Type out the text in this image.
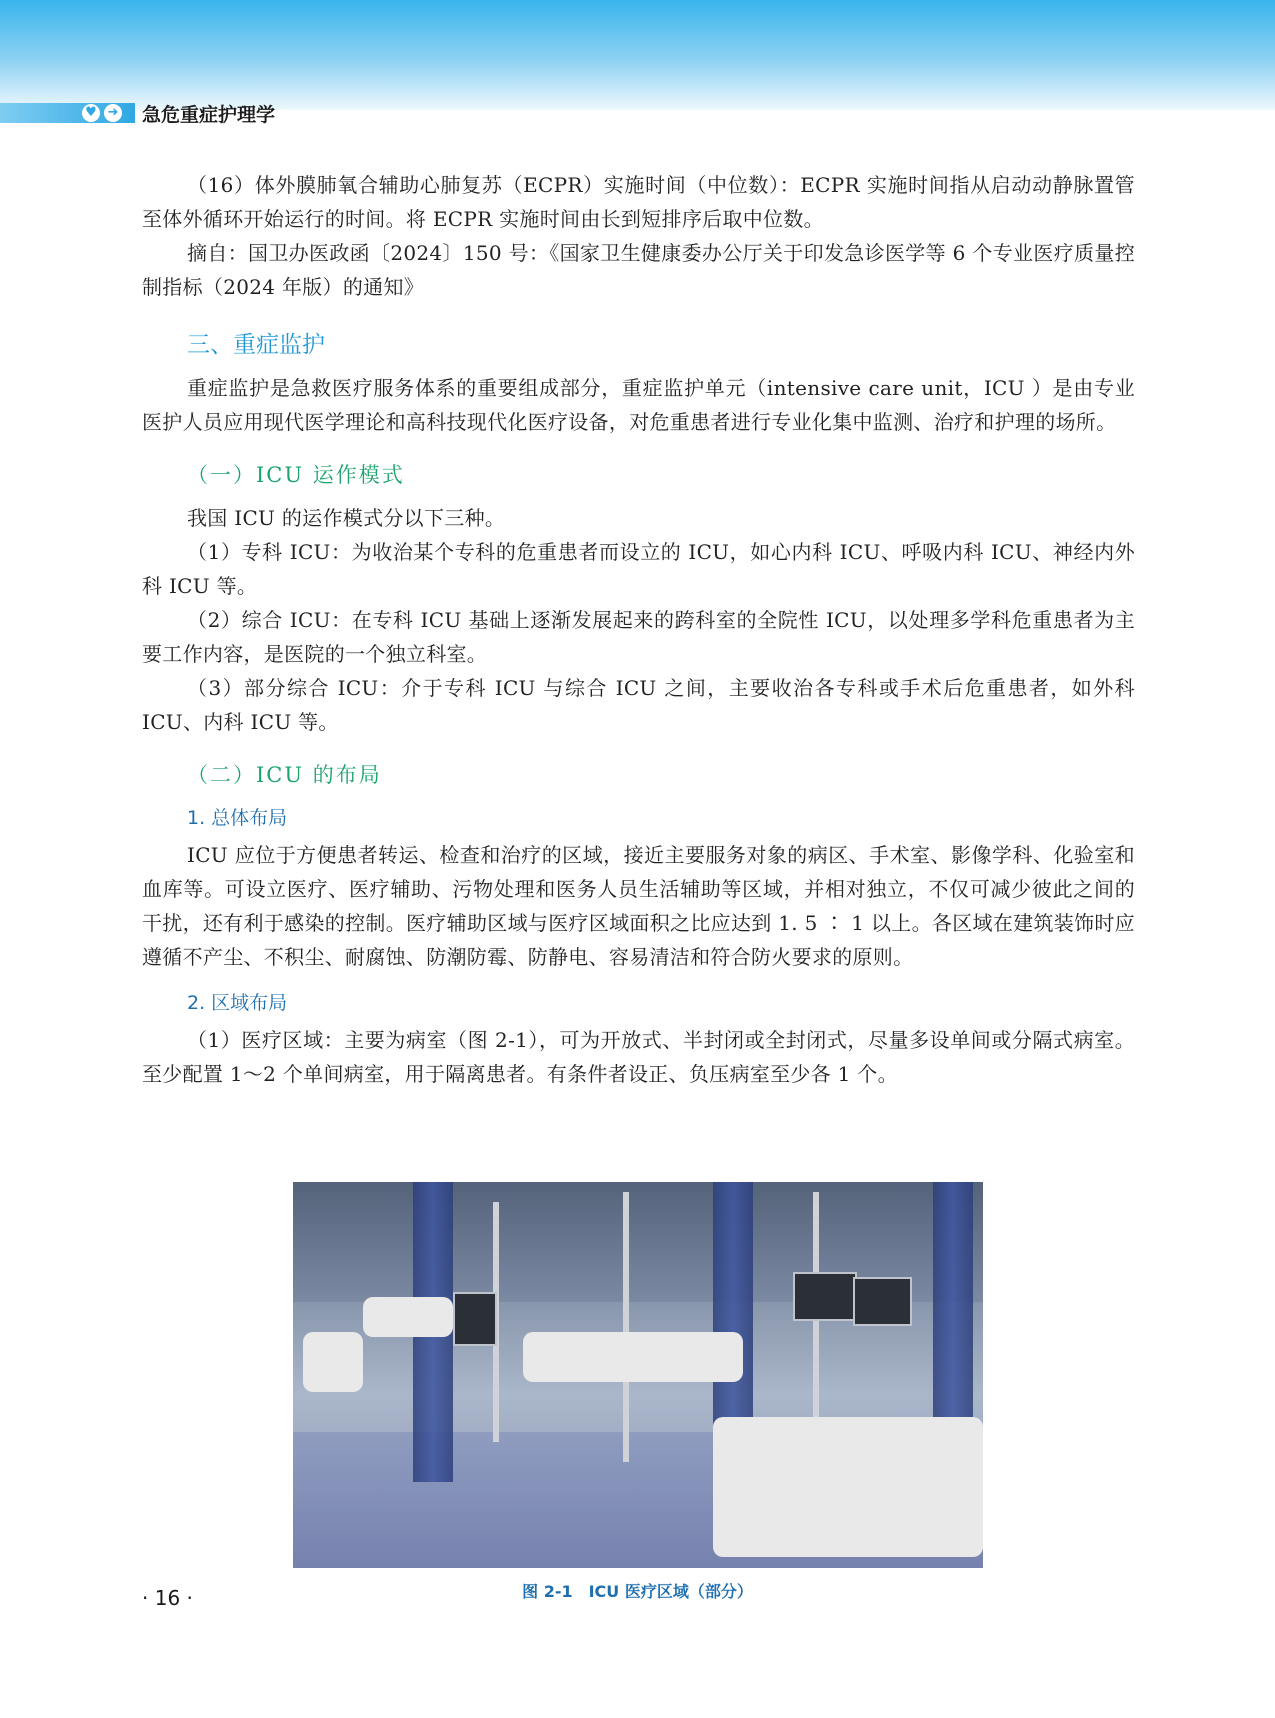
♥ ➜ 急危重症护理学

（16）体外膜肺氧合辅助心肺复苏（ECPR）实施时间（中位数）：ECPR 实施时间指从启动动静脉置管至体外循环开始运行的时间。将 ECPR 实施时间由长到短排序后取中位数。

摘自：国卫办医政函〔2024〕150 号：《国家卫生健康委办公厅关于印发急诊医学等 6 个专业医疗质量控制指标（2024 年版）的通知》

三、重症监护

重症监护是急救医疗服务体系的重要组成部分，重症监护单元（intensive care unit，ICU ）是由专业医护人员应用现代医学理论和高科技现代化医疗设备，对危重患者进行专业化集中监测、治疗和护理的场所。

（一）ICU 运作模式

我国 ICU 的运作模式分以下三种。

（1）专科 ICU：为收治某个专科的危重患者而设立的 ICU，如心内科 ICU、呼吸内科 ICU、神经内外科 ICU 等。

（2）综合 ICU：在专科 ICU 基础上逐渐发展起来的跨科室的全院性 ICU，以处理多学科危重患者为主要工作内容，是医院的一个独立科室。

（3）部分综合 ICU：介于专科 ICU 与综合 ICU 之间，主要收治各专科或手术后危重患者，如外科 ICU、内科 ICU 等。

（二）ICU 的布局
1. 总体布局

ICU 应位于方便患者转运、检查和治疗的区域，接近主要服务对象的病区、手术室、影像学科、化验室和血库等。可设立医疗、医疗辅助、污物处理和医务人员生活辅助等区域，并相对独立，不仅可减少彼此之间的干扰，还有利于感染的控制。医疗辅助区域与医疗区域面积之比应达到 1. 5 ∶ 1 以上。各区域在建筑装饰时应遵循不产尘、不积尘、耐腐蚀、防潮防霉、防静电、容易清洁和符合防火要求的原则。

2. 区域布局

（1）医疗区域：主要为病室（图 2-1），可为开放式、半封闭或全封闭式，尽量多设单间或分隔式病室。至少配置 1～2 个单间病室，用于隔离患者。有条件者设正、负压病室至少各 1 个。

图 2-1　ICU 医疗区域（部分）
· 16 ·
